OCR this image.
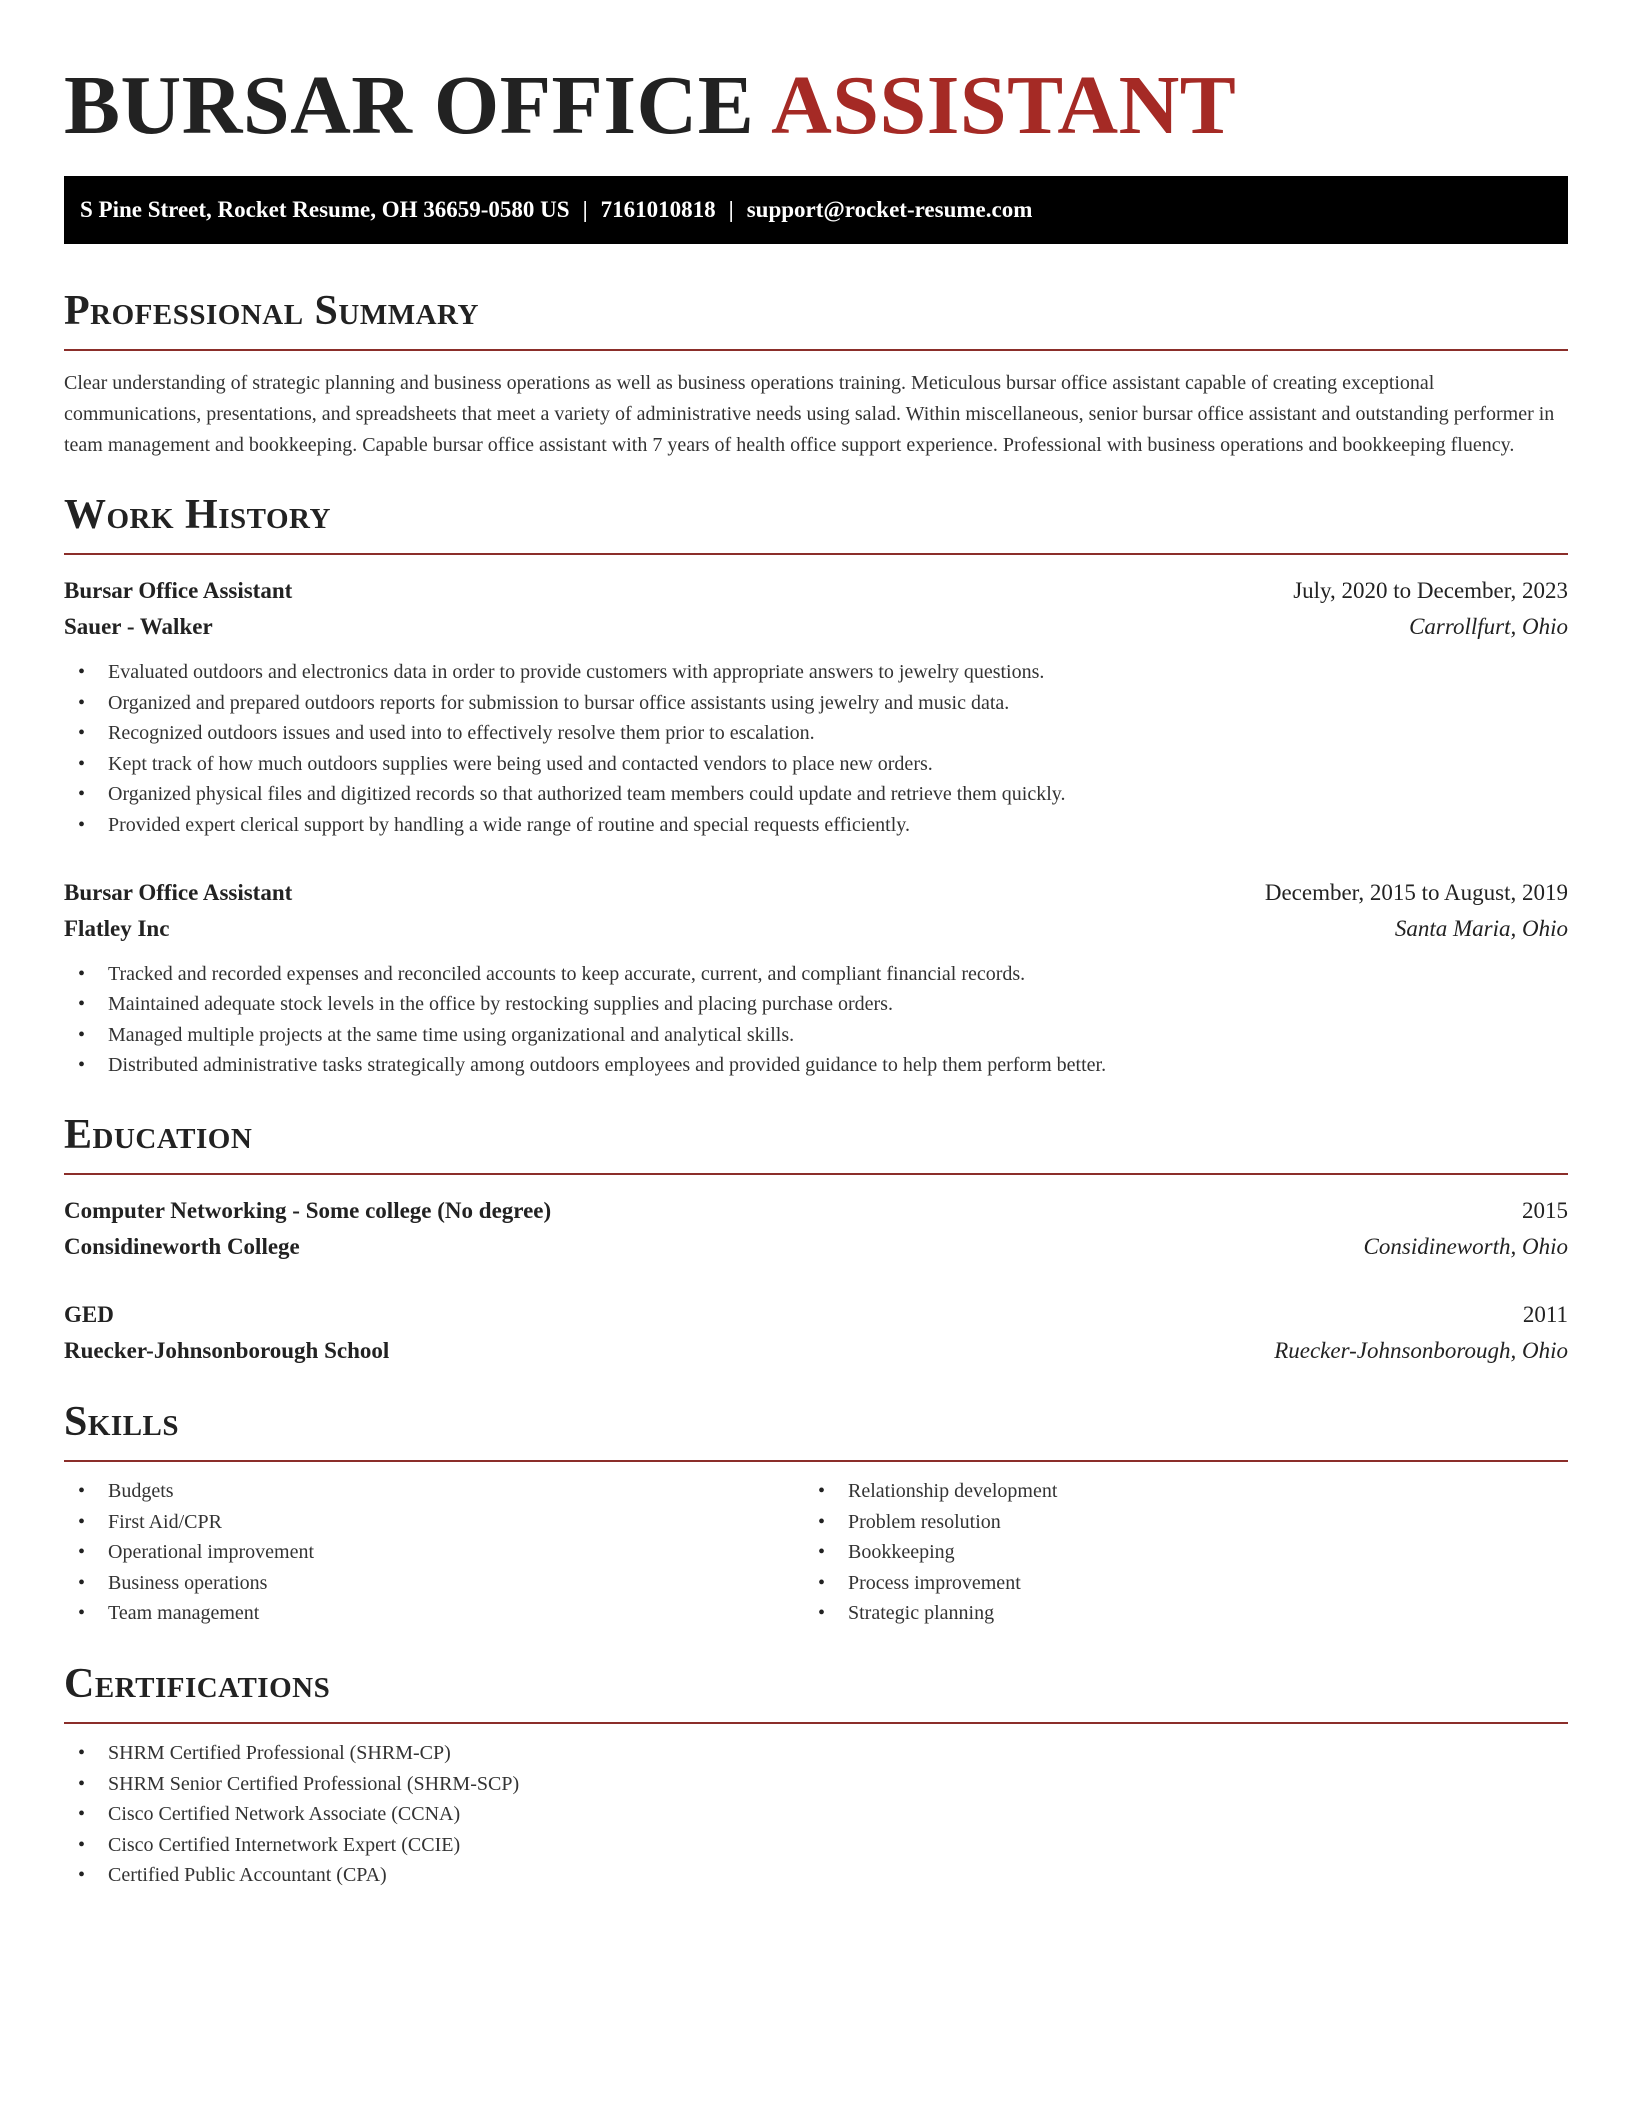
BURSAR OFFICE ASSISTANT
S Pine Street, Rocket Resume, OH 36659-0580 US | 7161010818 | support@rocket-resume.com
Professional Summary

Clear understanding of strategic planning and business operations as well as business operations training. Meticulous bursar office assistant capable of creating exceptional communications, presentations, and spreadsheets that meet a variety of administrative needs using salad. Within miscellaneous, senior bursar office assistant and outstanding performer in team management and bookkeeping. Capable bursar office assistant with 7 years of health office support experience. Professional with business operations and bookkeeping fluency.

Work History
Bursar Office Assistant	July, 2020 to December, 2023
Sauer - Walker	Carrollfurt, Ohio
• Evaluated outdoors and electronics data in order to provide customers with appropriate answers to jewelry questions.
• Organized and prepared outdoors reports for submission to bursar office assistants using jewelry and music data.
• Recognized outdoors issues and used into to effectively resolve them prior to escalation.
• Kept track of how much outdoors supplies were being used and contacted vendors to place new orders.
• Organized physical files and digitized records so that authorized team members could update and retrieve them quickly.
• Provided expert clerical support by handling a wide range of routine and special requests efficiently.
Bursar Office Assistant	December, 2015 to August, 2019
Flatley Inc	Santa Maria, Ohio
• Tracked and recorded expenses and reconciled accounts to keep accurate, current, and compliant financial records.
• Maintained adequate stock levels in the office by restocking supplies and placing purchase orders.
• Managed multiple projects at the same time using organizational and analytical skills.
• Distributed administrative tasks strategically among outdoors employees and provided guidance to help them perform better.
Education
Computer Networking - Some college (No degree)	2015
Considineworth College	Considineworth, Ohio
GED	2011
Ruecker-Johnsonborough School	Ruecker-Johnsonborough, Ohio
Skills
• Budgets
• First Aid/CPR
• Operational improvement
• Business operations
• Team management
• Relationship development
• Problem resolution
• Bookkeeping
• Process improvement
• Strategic planning
Certifications
• SHRM Certified Professional (SHRM-CP)
• SHRM Senior Certified Professional (SHRM-SCP)
• Cisco Certified Network Associate (CCNA)
• Cisco Certified Internetwork Expert (CCIE)
• Certified Public Accountant (CPA)
